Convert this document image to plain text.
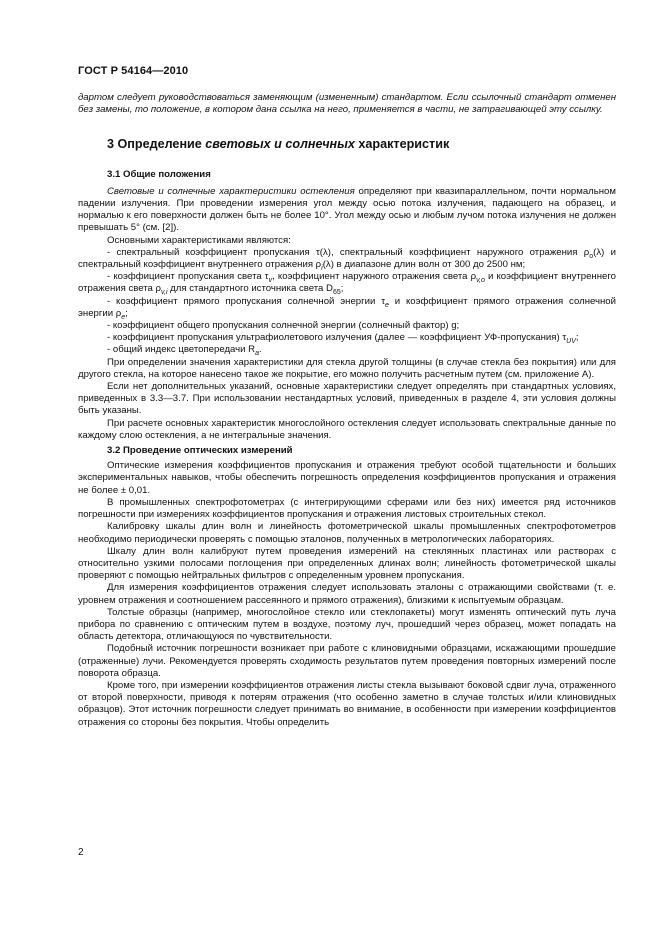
ГОСТ Р 54164—2010

дартом следует руководствоваться заменяющим (измененным) стандартом. Если ссылочный стандарт отменен без замены, то положение, в котором дана ссылка на него, применяется в части, не затрагивающей эту ссылку.

3 Определение световых и солнечных характеристик
3.1 Общие положения

Световые и солнечные характеристики остекления определяют при квазипараллельном, почти нормальном падении излучения. При проведении измерения угол между осью потока излучения, падающего на образец, и нормалью к его поверхности должен быть не более 10°. Угол между осью и любым лучом потока излучения не должен превышать 5° (см. [2]).

Основными характеристиками являются:

- спектральный коэффициент пропускания τ(λ), спектральный коэффициент наружного отражения $\rho_o(\lambda)$ и спектральный коэффициент внутреннего отражения $\rho_i(\lambda)$ в диапазоне длин волн от 300 до 2500 нм;

- коэффициент пропускания света $\tau_v$, коэффициент наружного отражения света $\rho_{v,o}$ и коэффициент внутреннего отражения света $\rho_{v,i}$ для стандартного источника света $D_{65}$;

- коэффициент прямого пропускания солнечной энергии $\tau_e$ и коэффициент прямого отражения солнечной энергии $\rho_e$;

- коэффициент общего пропускания солнечной энергии (солнечный фактор) g;

- коэффициент пропускания ультрафиолетового излучения (далее — коэффициент УФ-пропускания) $\tau_{UV}$;

- общий индекс цветопередачи $R_a$.

При определении значения характеристики для стекла другой толщины (в случае стекла без покрытия) или для другого стекла, на которое нанесено такое же покрытие, его можно получить расчетным путем (см. приложение А).

Если нет дополнительных указаний, основные характеристики следует определять при стандартных условиях, приведенных в 3.3—3.7. При использовании нестандартных условий, приведенных в разделе 4, эти условия должны быть указаны.

При расчете основных характеристик многослойного остекления следует использовать спектральные данные по каждому слою остекления, а не интегральные значения.

3.2 Проведение оптических измерений

Оптические измерения коэффициентов пропускания и отражения требуют особой тщательности и больших экспериментальных навыков, чтобы обеспечить погрешность определения коэффициентов пропускания и отражения не более ± 0,01.

В промышленных спектрофотометрах (с интегрирующими сферами или без них) имеется ряд источников погрешности при измерениях коэффициентов пропускания и отражения листовых строительных стекол.

Калибровку шкалы длин волн и линейность фотометрической шкалы промышленных спектрофотометров необходимо периодически проверять с помощью эталонов, полученных в метрологических лабораториях.

Шкалу длин волн калибруют путем проведения измерений на стеклянных пластинах или растворах с относительно узкими полосами поглощения при определенных длинах волн; линейность фотометрической шкалы проверяют с помощью нейтральных фильтров с определенным уровнем пропускания.

Для измерения коэффициентов отражения следует использовать эталоны с отражающими свойствами (т. е. уровнем отражения и соотношением рассеянного и прямого отражения), близкими к испытуемым образцам.

Толстые образцы (например, многослойное стекло или стеклопакеты) могут изменять оптический путь луча прибора по сравнению с оптическим путем в воздухе, поэтому луч, прошедший через образец, может попадать на область детектора, отличающуюся по чувствительности.

Подобный источник погрешности возникает при работе с клиновидными образцами, искажающими прошедшие (отраженные) лучи. Рекомендуется проверять сходимость результатов путем проведения повторных измерений после поворота образца.

Кроме того, при измерении коэффициентов отражения листы стекла вызывают боковой сдвиг луча, отраженного от второй поверхности, приводя к потерям отражения (что особенно заметно в случае толстых и/или клиновидных образцов). Этот источник погрешности следует принимать во внимание, в особенности при измерении коэффициентов отражения со стороны без покрытия. Чтобы определить

2
